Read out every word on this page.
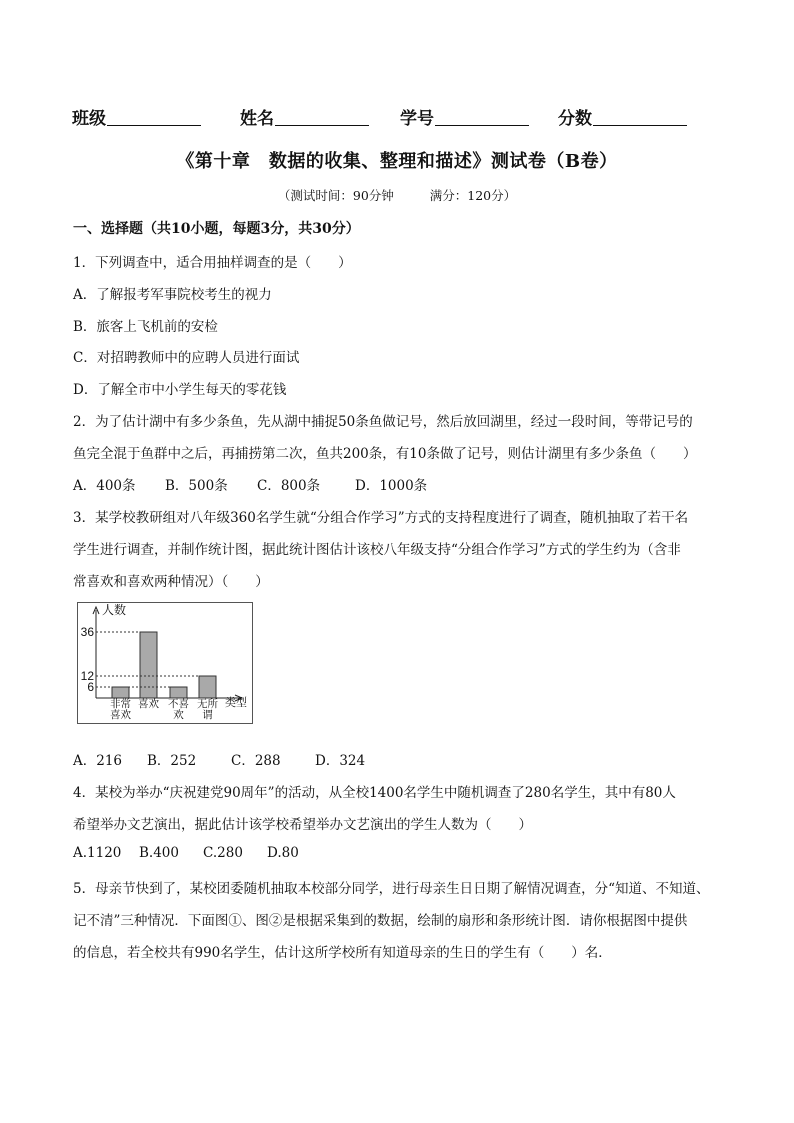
班级	姓名	学号	分数
《第十章　数据的收集、整理和描述》测试卷（B卷）
（测试时间：90分钟	满分：120分）
一、选择题（共10小题，每题3分，共30分）
1．下列调查中，适合用抽样调查的是（　　）
A．了解报考军事院校考生的视力
B．旅客上飞机前的安检
C．对招聘教师中的应聘人员进行面试
D．了解全市中小学生每天的零花钱
2．为了估计湖中有多少条鱼，先从湖中捕捉50条鱼做记号，然后放回湖里，经过一段时间，等带记号的
鱼完全混于鱼群中之后，再捕捞第二次，鱼共200条，有10条做了记号，则估计湖里有多少条鱼（　　）
A．400条 B．500条 C．800条	D．1000条
3．某学校教研组对八年级360名学生就“分组合作学习”方式的支持程度进行了调查，随机抽取了若干名
学生进行调查，并制作统计图，据此统计图估计该校八年级支持“分组合作学习”方式的学生约为（含非
常喜欢和喜欢两种情况）（　　）
人数
类型
6
12
36
非常
喜欢
喜欢 不喜
欢
无所
谓
A．216 B．252	C．288	D．324
4．某校为举办“庆祝建党90周年”的活动，从全校1400名学生中随机调查了280名学生，其中有80人
希望举办文艺演出，据此估计该学校希望举办文艺演出的学生人数为（　　）
A.1120 B.400 C.280 D.80
5．母亲节快到了，某校团委随机抽取本校部分同学，进行母亲生日日期了解情况调查，分“知道、不知道、
记不清”三种情况．下面图①、图②是根据采集到的数据，绘制的扇形和条形统计图．请你根据图中提供
的信息，若全校共有990名学生，估计这所学校所有知道母亲的生日的学生有（　　）名．
